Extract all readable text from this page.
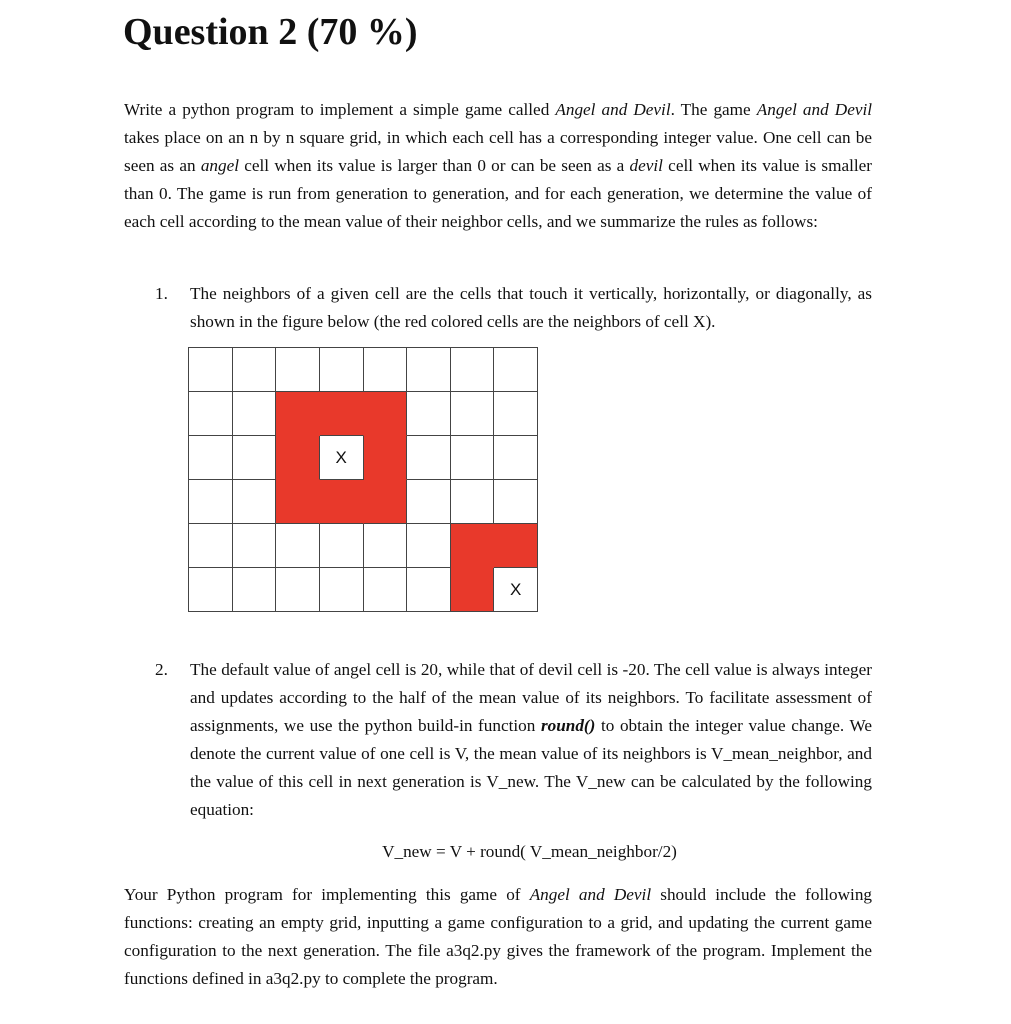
Question 2 (70 %)

Write a python program to implement a simple game called Angel and Devil. The game Angel and Devil takes place on an n by n square grid, in which each cell has a corresponding integer value. One cell can be seen as an angel cell when its value is larger than 0 or can be seen as a devil cell when its value is smaller than 0. The game is run from generation to generation, and for each generation, we determine the value of each cell according to the mean value of their neighbor cells, and we summarize the rules as follows:

1. The neighbors of a given cell are the cells that touch it vertically, horizontally, or diagonally, as shown in the figure below (the red colored cells are the neighbors of cell X).

X
X
2. The default value of angel cell is 20, while that of devil cell is -20. The cell value is always integer and updates according to the half of the mean value of its neighbors. To facilitate assessment of assignments, we use the python build-in function round() to obtain the integer value change. We denote the current value of one cell is V, the mean value of its neighbors is V_mean_neighbor, and the value of this cell in next generation is V_new. The V_new can be calculated by the following equation:

V_new = V + round( V_mean_neighbor/2)

Your Python program for implementing this game of Angel and Devil should include the following functions: creating an empty grid, inputting a game configuration to a grid, and updating the current game configuration to the next generation. The file a3q2.py gives the framework of the program. Implement the functions defined in a3q2.py to complete the program.
